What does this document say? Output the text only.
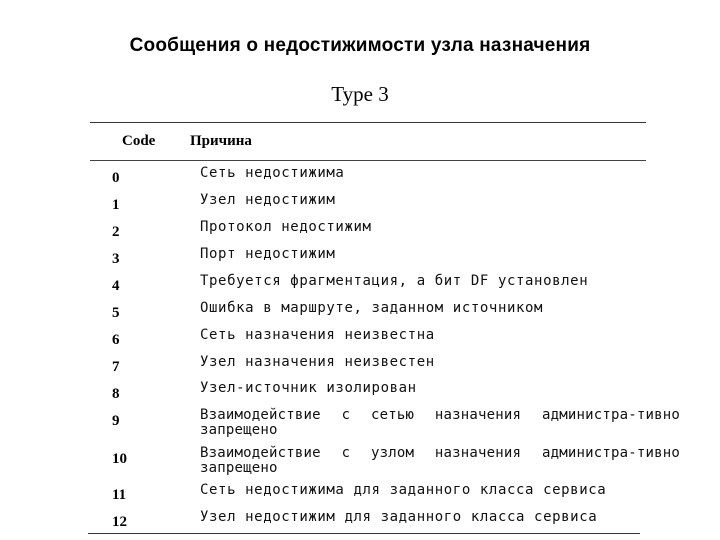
Сообщения о недостижимости узла назначения
Type 3
Code Причина
0	Сеть недостижима
1	Узел недостижим
2	Протокол недостижим
3	Порт недостижим
4	Требуется фрагментация, а бит DF установлен
5	Ошибка в маршруте, заданном источником
6	Сеть назначения неизвестна
7	Узел назначения неизвестен
8	Узел-источник изолирован
9	Взаимодействие с сетью назначения администра-тивно запрещено
10	Взаимодействие с узлом назначения администра-тивно запрещено
11	Сеть недостижима для заданного класса сервиса
12	Узел недостижим для заданного класса сервиса
